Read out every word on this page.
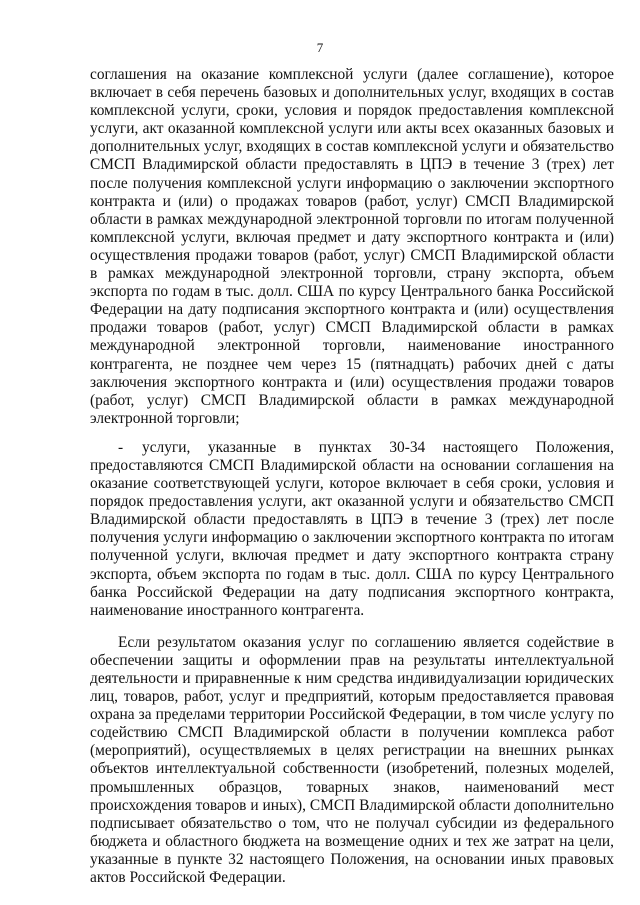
7

соглашения на оказание комплексной услуги (далее соглашение), которое включает в себя перечень базовых и дополнительных услуг, входящих в состав комплексной услуги, сроки, условия и порядок предоставления комплексной услуги, акт оказанной комплексной услуги или акты всех оказанных базовых и дополнительных услуг, входящих в состав комплексной услуги и обязательство СМСП Владимирской области предоставлять в ЦПЭ в течение 3 (трех) лет после получения комплексной услуги информацию о заключении экспортного контракта и (или) о продажах товаров (работ, услуг) СМСП Владимирской области в рамках международной электронной торговли по итогам полученной комплексной услуги, включая предмет и дату экспортного контракта и (или) осуществления продажи товаров (работ, услуг) СМСП Владимирской области в рамках международной электронной торговли, страну экспорта, объем экспорта по годам в тыс. долл. США по курсу Центрального банка Российской Федерации на дату подписания экспортного контракта и (или) осуществления продажи товаров (работ, услуг) СМСП Владимирской области в рамках международной электронной торговли, наименование иностранного контрагента, не позднее чем через 15 (пятнадцать) рабочих дней с даты заключения экспортного контракта и (или) осуществления продажи товаров (работ, услуг) СМСП Владимирской области в рамках международной электронной торговли;

- услуги, указанные в пунктах 30-34 настоящего Положения, предоставляются СМСП Владимирской области на основании соглашения на оказание соответствующей услуги, которое включает в себя сроки, условия и порядок предоставления услуги, акт оказанной услуги и обязательство СМСП Владимирской области предоставлять в ЦПЭ в течение 3 (трех) лет после получения услуги информацию о заключении экспортного контракта по итогам полученной услуги, включая предмет и дату экспортного контракта страну экспорта, объем экспорта по годам в тыс. долл. США по курсу Центрального банка Российской Федерации на дату подписания экспортного контракта, наименование иностранного контрагента.

Если результатом оказания услуг по соглашению является содействие в обеспечении защиты и оформлении прав на результаты интеллектуальной деятельности и приравненные к ним средства индивидуализации юридических лиц, товаров, работ, услуг и предприятий, которым предоставляется правовая охрана за пределами территории Российской Федерации, в том числе услугу по содействию СМСП Владимирской области в получении комплекса работ (мероприятий), осуществляемых в целях регистрации на внешних рынках объектов интеллектуальной собственности (изобретений, полезных моделей, промышленных образцов, товарных знаков, наименований мест происхождения товаров и иных), СМСП Владимирской области дополнительно подписывает обязательство о том, что не получал субсидии из федерального бюджета и областного бюджета на возмещение одних и тех же затрат на цели, указанные в пункте 32 настоящего Положения, на основании иных правовых актов Российской Федерации.
